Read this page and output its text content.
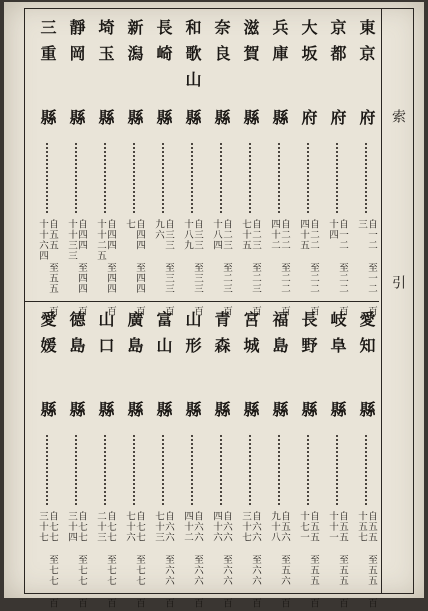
索
引
東京
府
自一二 至一二 百三
京都
府
自一二 至二二 百十四
大坂
府
自二二 至二二 百四十五
兵庫
縣
自二二 至二二 百四十二
滋賀
縣
自二三 至二三 百七十五
奈良
縣
自二三 至二三 百十八四
和歌山
縣
自三三 至三三 百十八九
長崎
縣
自三三 至三三 百九六
新潟
縣
自四四 至四四 百七
埼玉
縣
自四四 至四四 百十十二五
靜岡
縣
自四四 至四四 百十十三三
三重
縣
自五五 至五五 百十十六四
愛知
縣
自五五 至五五 百十五七
岐阜
縣
自五五 至五五 百十十一
長野
縣
自五五 至五五 百十七一
福島
縣
自五六 至五六 百九十八
宮城
縣
自六六 至六六 百三十七
青森
縣
自六六 至六六 百四十六
山形
縣
自六六 至六六 百四十二
富山
縣
自六六 至六六 百七十三
廣島
縣
自七七 至七七 百七十六
山口
縣
自七七 至七七 百二十三
德島
縣
自七七 至七七 百三十四
愛媛
縣
自七七 至七七 百三十七
